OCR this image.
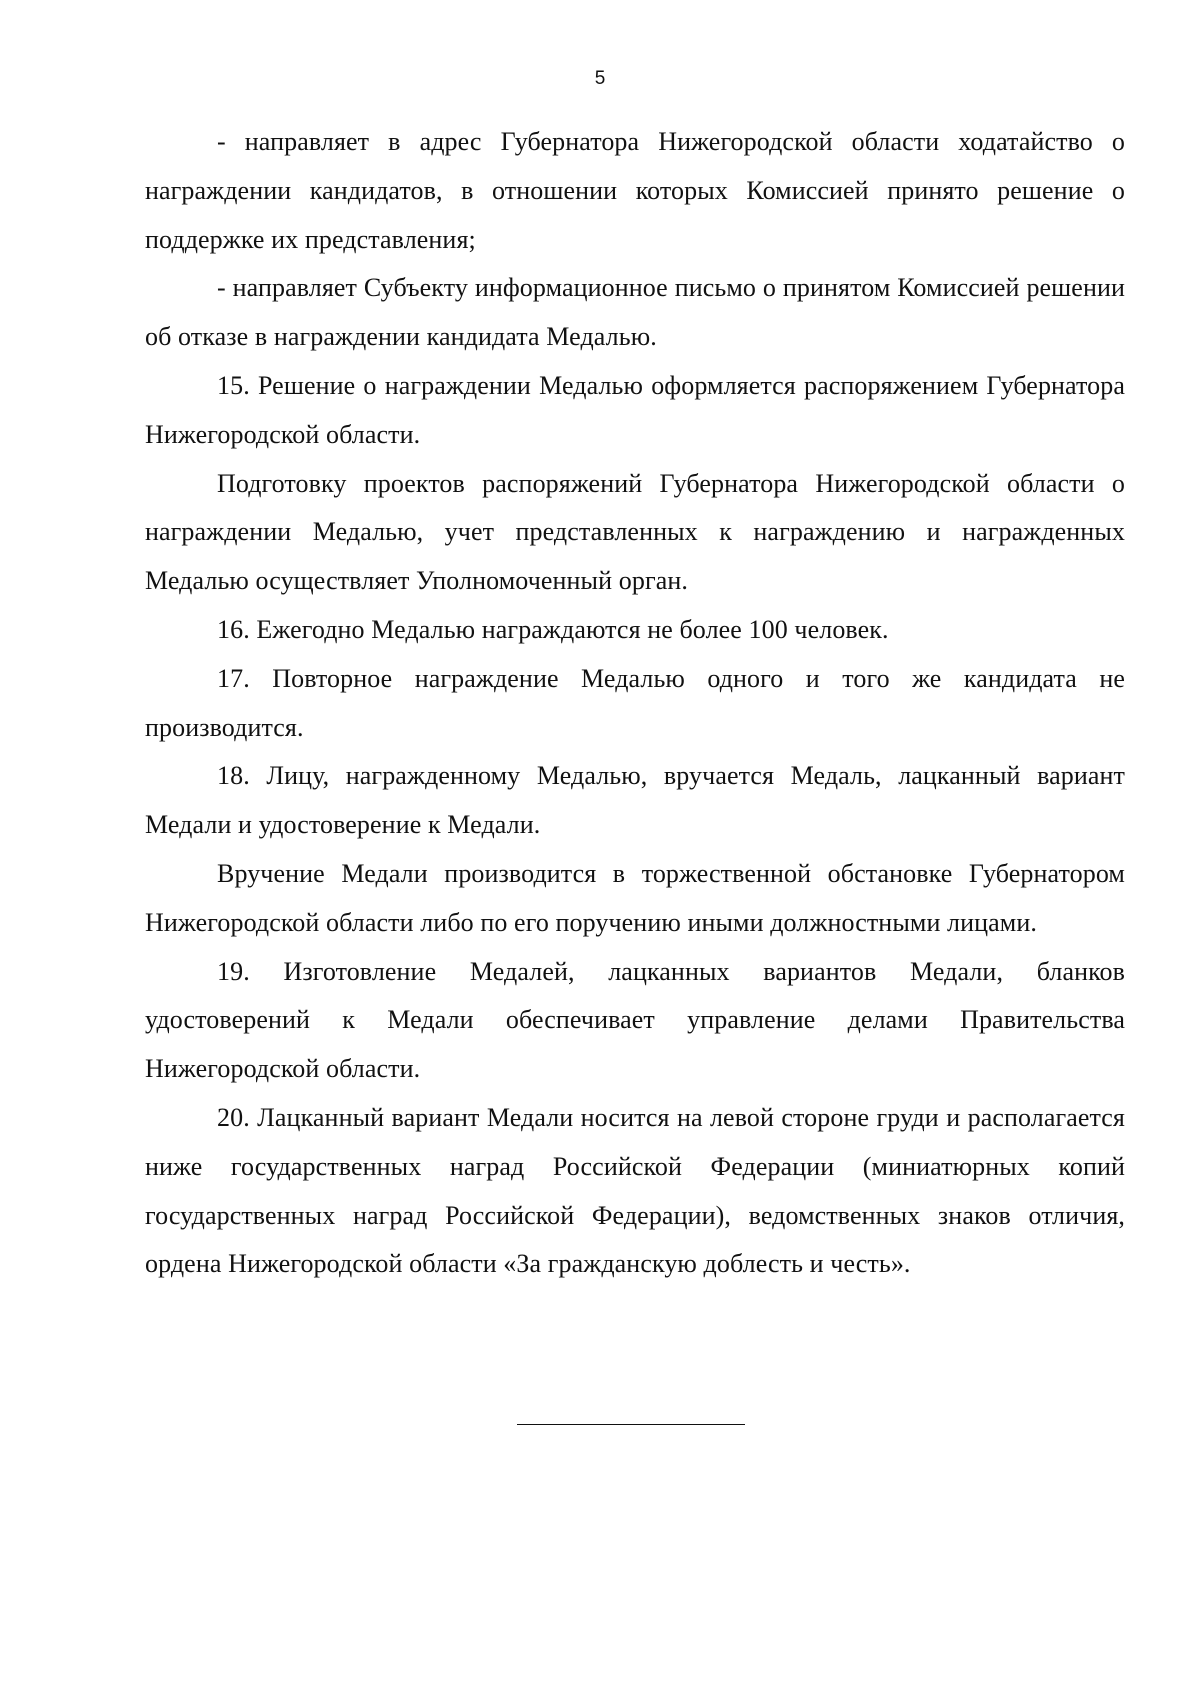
5

- направляет в адрес Губернатора Нижегородской области ходатайство о награждении кандидатов, в отношении которых Комиссией принято решение о поддержке их представления;

- направляет Субъекту информационное письмо о принятом Комиссией решении об отказе в награждении кандидата Медалью.

15. Решение о награждении Медалью оформляется распоряжением Губернатора Нижегородской области.

Подготовку проектов распоряжений Губернатора Нижегородской области о награждении Медалью, учет представленных к награждению и награжденных Медалью осуществляет Уполномоченный орган.

16. Ежегодно Медалью награждаются не более 100 человек.

17. Повторное награждение Медалью одного и того же кандидата не производится.

18. Лицу, награжденному Медалью, вручается Медаль, лацканный вариант Медали и удостоверение к Медали.

Вручение Медали производится в торжественной обстановке Губернатором Нижегородской области либо по его поручению иными должностными лицами.

19. Изготовление Медалей, лацканных вариантов Медали, бланков удостоверений к Медали обеспечивает управление делами Правительства Нижегородской области.

20. Лацканный вариант Медали носится на левой стороне груди и располагается ниже государственных наград Российской Федерации (миниатюрных копий государственных наград Российской Федерации), ведомственных знаков отличия, ордена Нижегородской области «За гражданскую доблесть и честь».
